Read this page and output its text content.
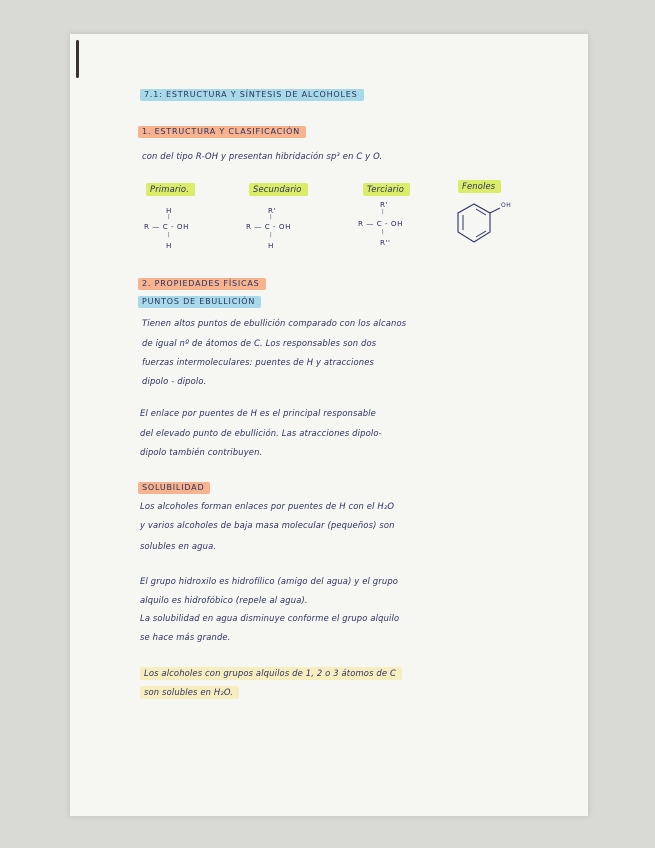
7.1: ESTRUCTURA Y SÍNTESIS DE ALCOHOLES
1. ESTRUCTURA Y CLASIFICACIÓN
con del tipo R-OH y presentan hibridación sp³ en C y O.
Primario.	Secundario	Terciario	Fenoles
H
|
R — C - OH
|
H
R'
|
R — C - OH
|
H
R'
|
R — C - OH
|
R''
OH
2. PROPIEDADES FÍSICAS
PUNTOS DE EBULLICIÓN
Tienen altos puntos de ebullición comparado con los alcanos
de igual nº de átomos de C. Los responsables son dos
fuerzas intermoleculares: puentes de H y atracciones
dipolo - dipolo.
El enlace por puentes de H es el principal responsable
del elevado punto de ebullición. Las atracciones dipolo-
dipolo también contribuyen.
SOLUBILIDAD
Los alcoholes forman enlaces por puentes de H con el H₂O
y varios alcoholes de baja masa molecular (pequeños) son
solubles en agua.
El grupo hidroxilo es hidrofílico (amigo del agua) y el grupo
alquilo es hidrofóbico (repele al agua).
La solubilidad en agua disminuye conforme el grupo alquilo
se hace más grande.
Los alcoholes con grupos alquilos de 1, 2 o 3 átomos de C
son solubles en H₂O.
